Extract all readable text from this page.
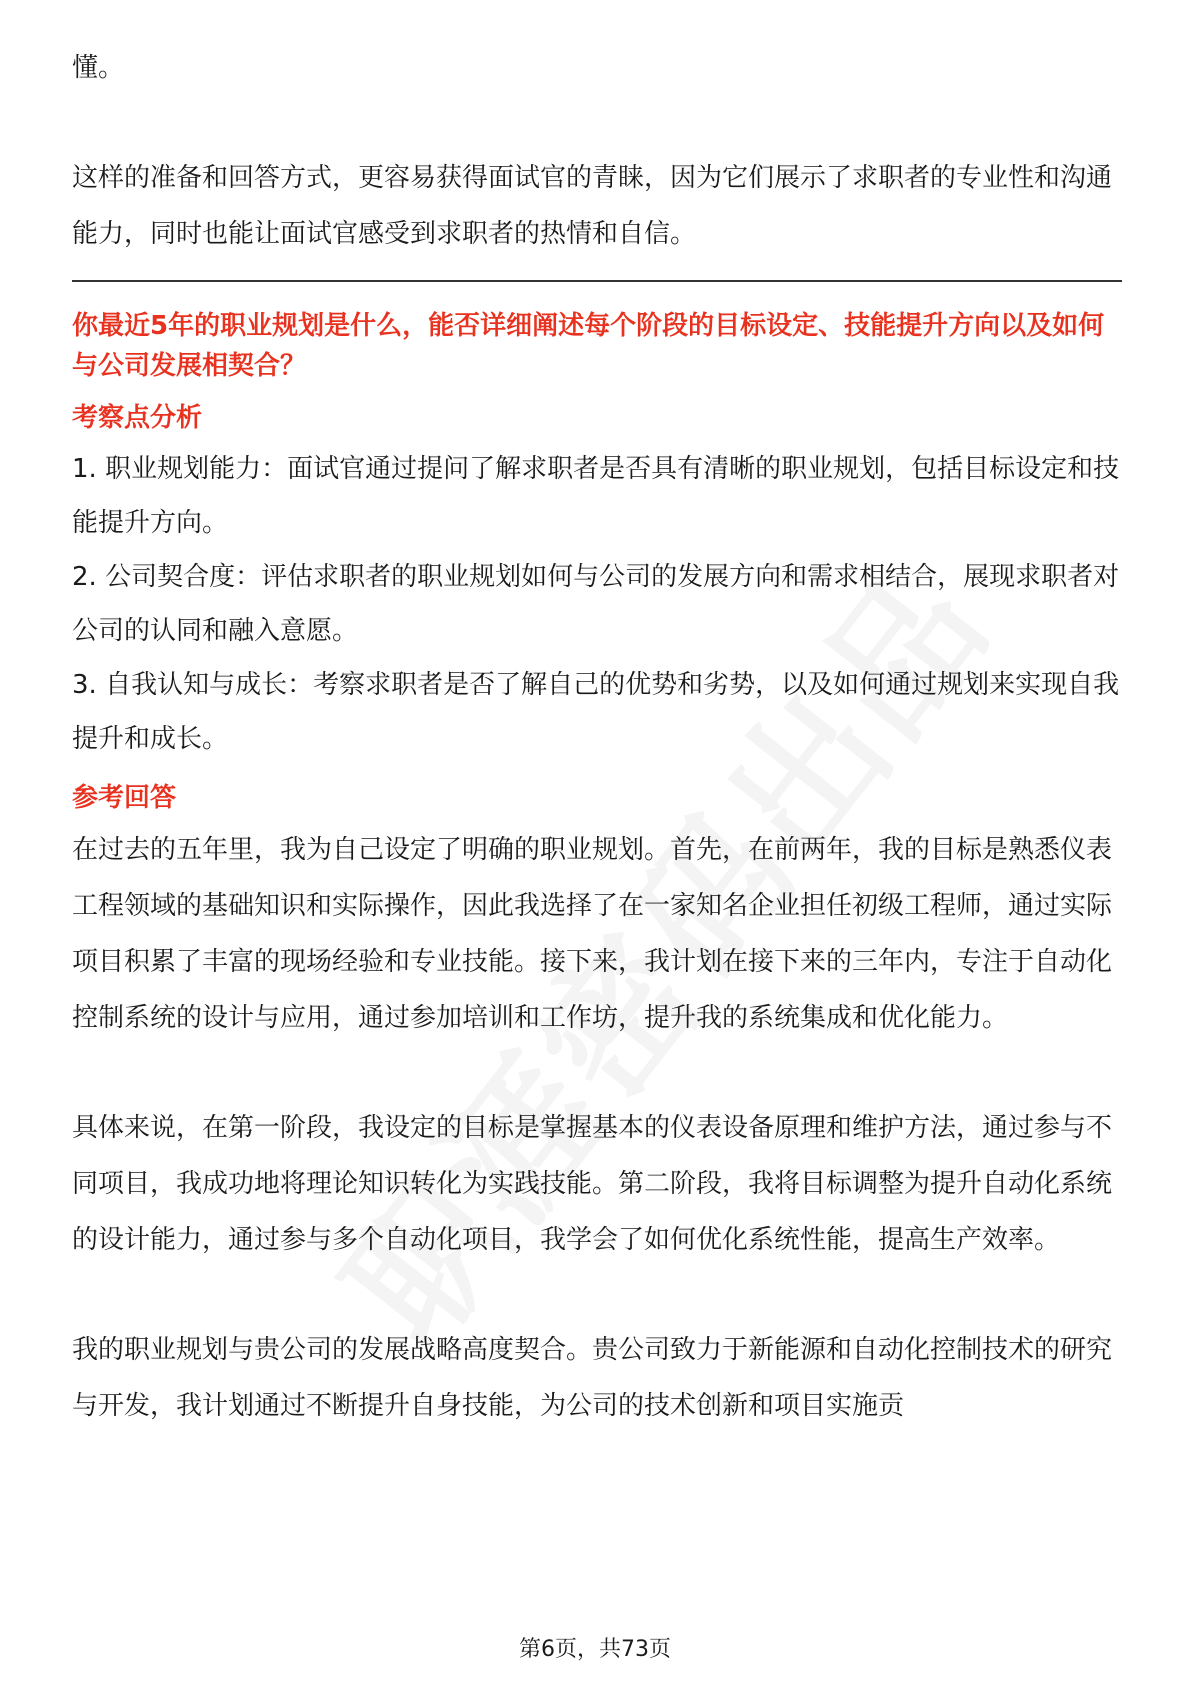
懂。

这样的准备和回答方式，更容易获得面试官的青睐，因为它们展示了求职者的专业性和沟通能力，同时也能让面试官感受到求职者的热情和自信。

你最近5年的职业规划是什么，能否详细阐述每个阶段的目标设定、技能提升方向以及如何与公司发展相契合？

考察点分析
1. 职业规划能力：面试官通过提问了解求职者是否具有清晰的职业规划，包括目标设定和技能提升方向。
2. 公司契合度：评估求职者的职业规划如何与公司的发展方向和需求相结合，展现求职者对公司的认同和融入意愿。
3. 自我认知与成长：考察求职者是否了解自己的优势和劣势，以及如何通过规划来实现自我提升和成长。
参考回答

在过去的五年里，我为自己设定了明确的职业规划。首先，在前两年，我的目标是熟悉仪表工程领域的基础知识和实际操作，因此我选择了在一家知名企业担任初级工程师，通过实际项目积累了丰富的现场经验和专业技能。接下来，我计划在接下来的三年内，专注于自动化控制系统的设计与应用，通过参加培训和工作坊，提升我的系统集成和优化能力。

具体来说，在第一阶段，我设定的目标是掌握基本的仪表设备原理和维护方法，通过参与不同项目，我成功地将理论知识转化为实践技能。第二阶段，我将目标调整为提升自动化系统的设计能力，通过参与多个自动化项目，我学会了如何优化系统性能，提高生产效率。

我的职业规划与贵公司的发展战略高度契合。贵公司致力于新能源和自动化控制技术的研究与开发，我计划通过不断提升自身技能，为公司的技术创新和项目实施贡

第6页，共73页
